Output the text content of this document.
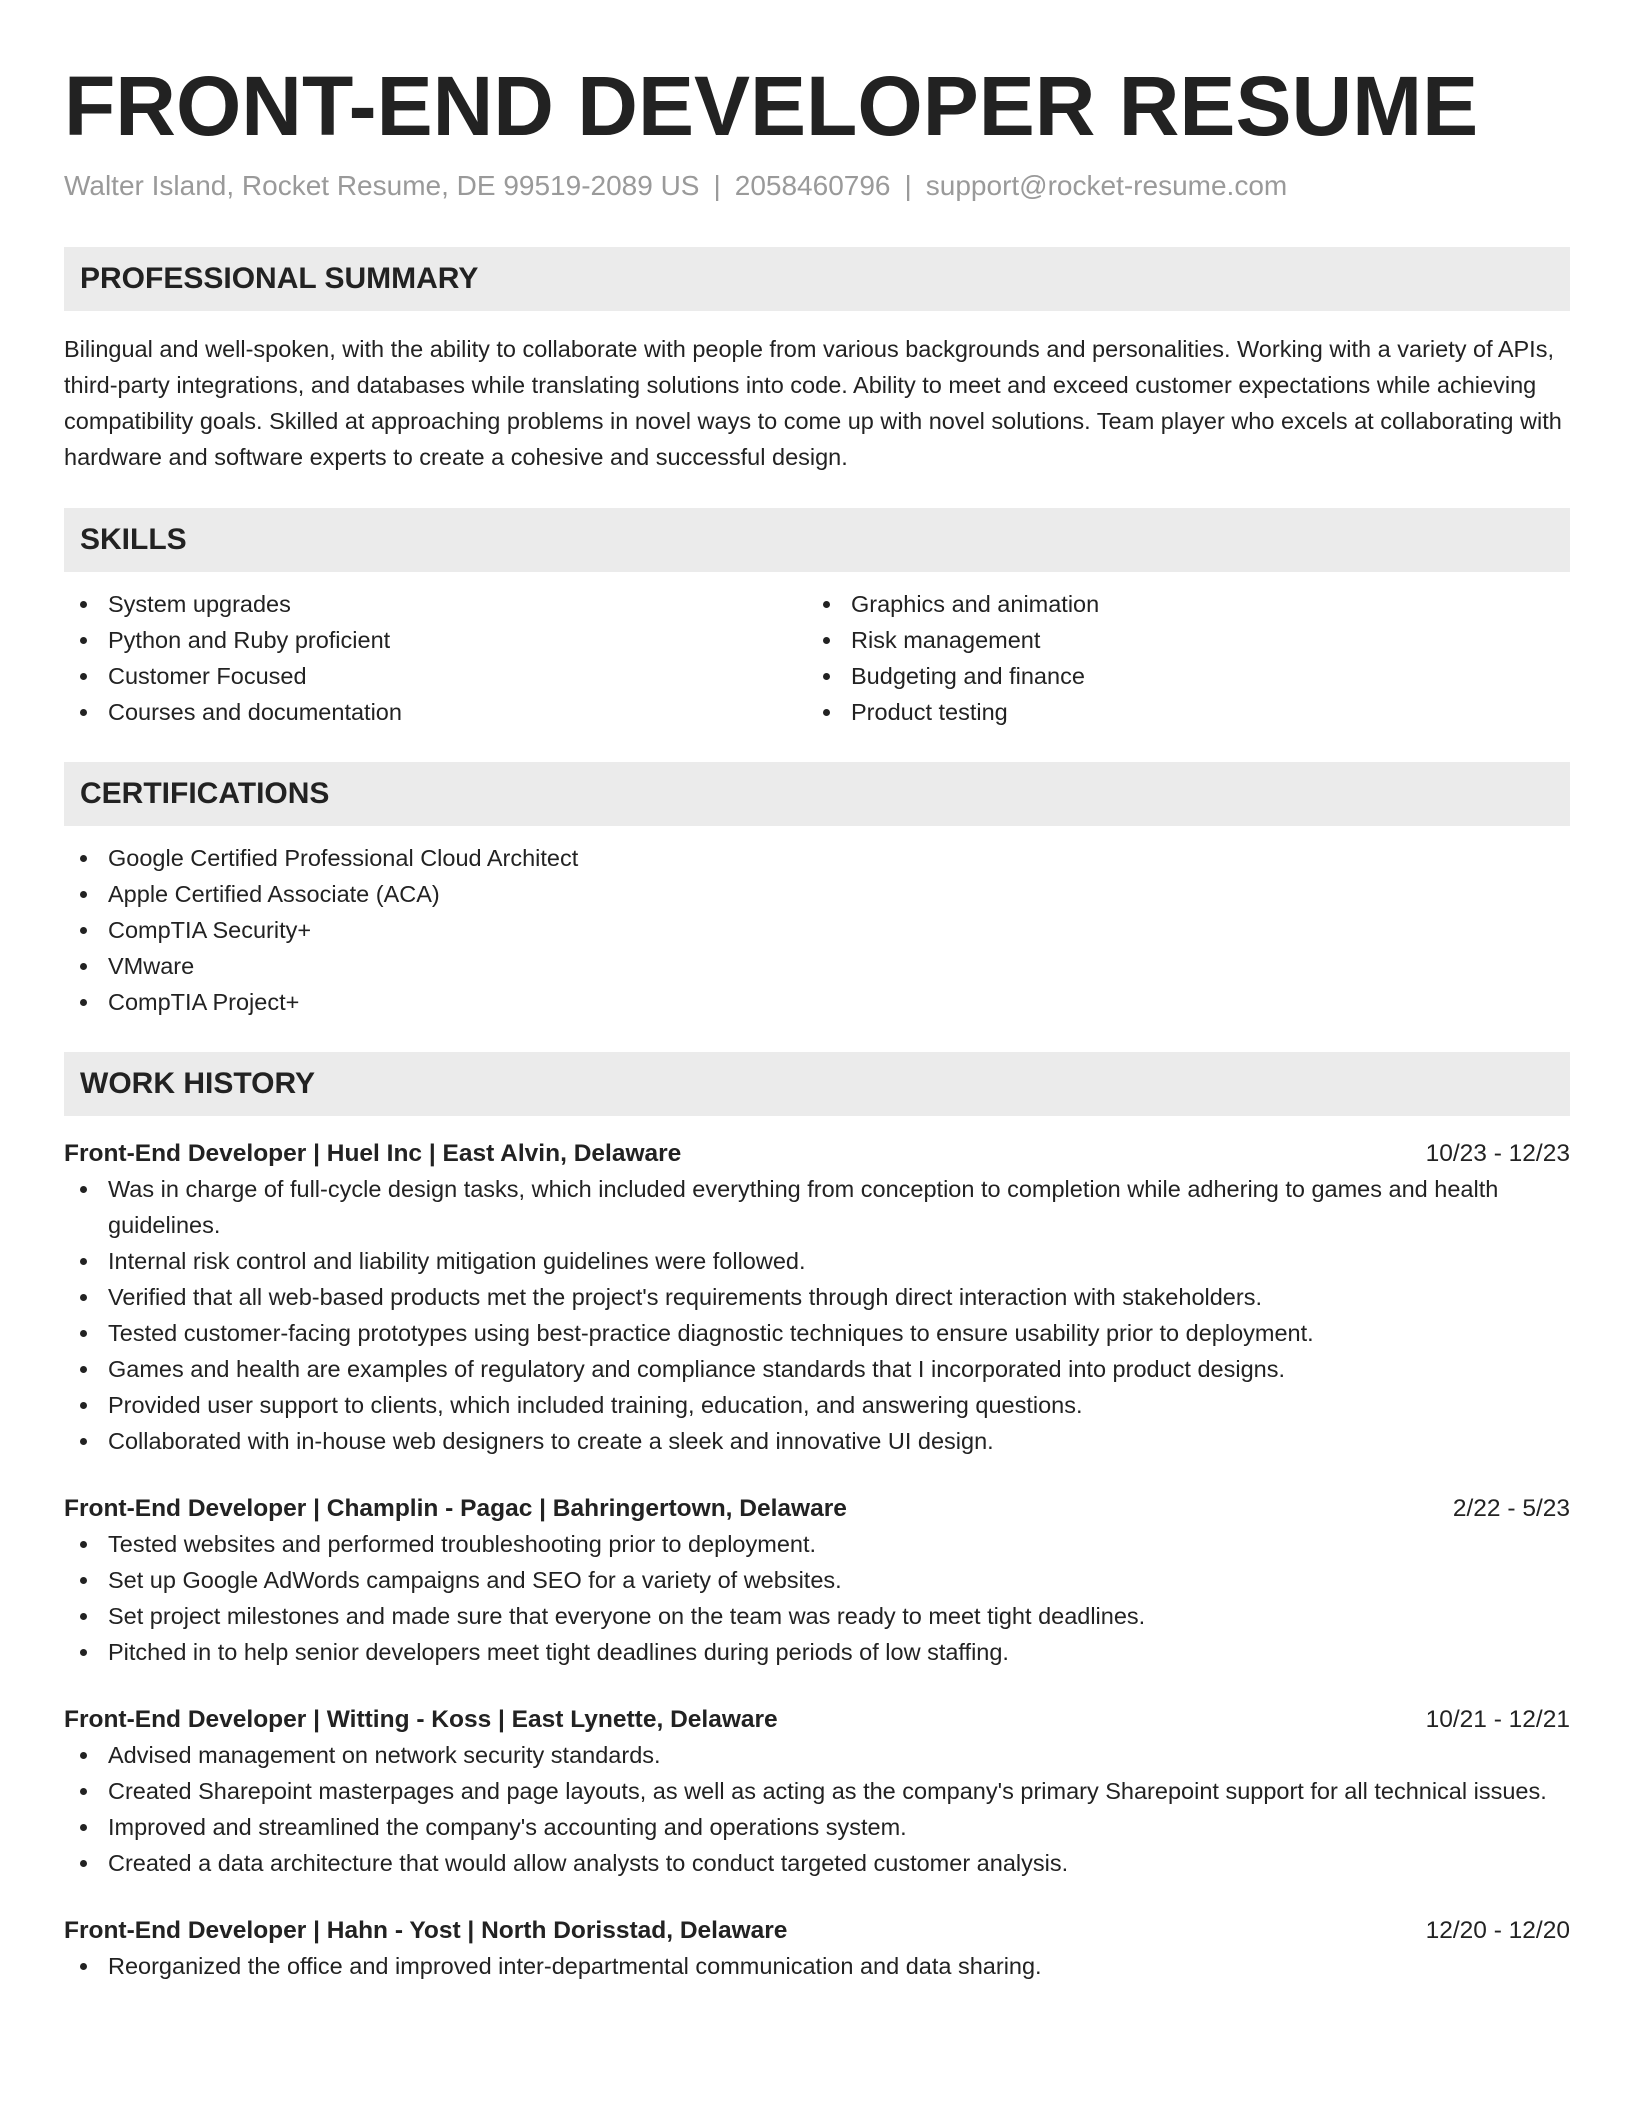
FRONT-END DEVELOPER RESUME
Walter Island, Rocket Resume, DE 99519-2089 US | 2058460796 | support@rocket-resume.com
PROFESSIONAL SUMMARY

Bilingual and well-spoken, with the ability to collaborate with people from various backgrounds and personalities. Working with a variety of APIs, third-party integrations, and databases while translating solutions into code. Ability to meet and exceed customer expectations while achieving compatibility goals. Skilled at approaching problems in novel ways to come up with novel solutions. Team player who excels at collaborating with hardware and software experts to create a cohesive and successful design.

SKILLS
System upgrades
Python and Ruby proficient
Customer Focused
Courses and documentation
Graphics and animation
Risk management
Budgeting and finance
Product testing
CERTIFICATIONS
Google Certified Professional Cloud Architect
Apple Certified Associate (ACA)
CompTIA Security+
VMware
CompTIA Project+
WORK HISTORY
Front-End Developer | Huel Inc | East Alvin, Delaware	10/23 - 12/23
Was in charge of full-cycle design tasks, which included everything from conception to completion while adhering to games and health guidelines.
Internal risk control and liability mitigation guidelines were followed.
Verified that all web-based products met the project's requirements through direct interaction with stakeholders.
Tested customer-facing prototypes using best-practice diagnostic techniques to ensure usability prior to deployment.
Games and health are examples of regulatory and compliance standards that I incorporated into product designs.
Provided user support to clients, which included training, education, and answering questions.
Collaborated with in-house web designers to create a sleek and innovative UI design.
Front-End Developer | Champlin - Pagac | Bahringertown, Delaware	2/22 - 5/23
Tested websites and performed troubleshooting prior to deployment.
Set up Google AdWords campaigns and SEO for a variety of websites.
Set project milestones and made sure that everyone on the team was ready to meet tight deadlines.
Pitched in to help senior developers meet tight deadlines during periods of low staffing.
Front-End Developer | Witting - Koss | East Lynette, Delaware	10/21 - 12/21
Advised management on network security standards.
Created Sharepoint masterpages and page layouts, as well as acting as the company's primary Sharepoint support for all technical issues.
Improved and streamlined the company's accounting and operations system.
Created a data architecture that would allow analysts to conduct targeted customer analysis.
Front-End Developer | Hahn - Yost | North Dorisstad, Delaware	12/20 - 12/20
Reorganized the office and improved inter-departmental communication and data sharing.
